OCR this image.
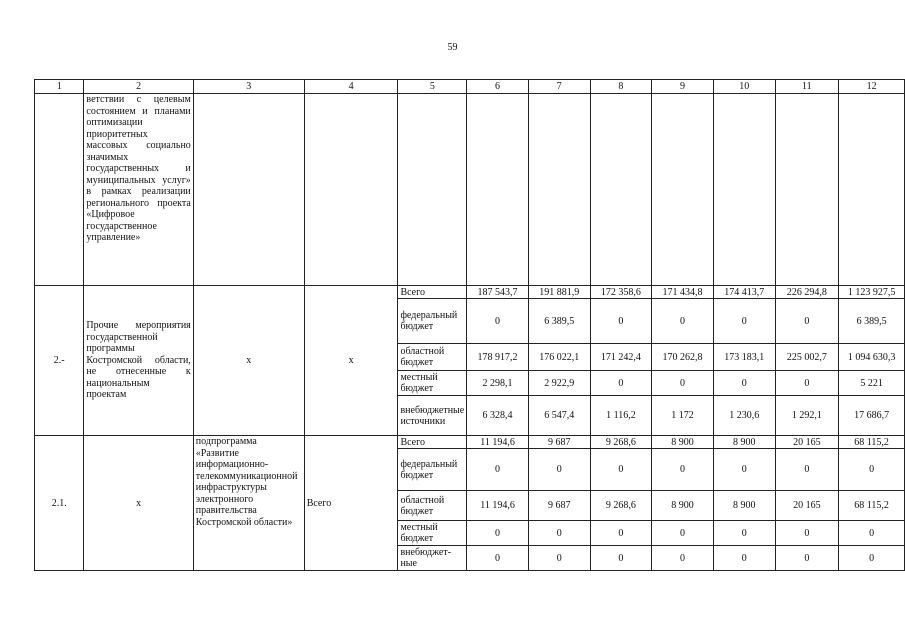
59
1	2	3	4	5	6	7	8	9	10	11	12
	ветствии с целевым состоянием и планами оптимизации приоритетных массовых социально значимых государственных и муниципальных услуг» в рамках реализации регионального проекта «Цифровое государственное управление»										
2.-	Прочие мероприятия государственной программы Костромской области, не отнесенные к национальным проектам	х	х	Всего	187 543,7	191 881,9	172 358,6	171 434,8	174 413,7	226 294,8	1 123 927,5
				федеральный бюджет	0	6 389,5	0	0	0	0	6 389,5
				областной бюджет	178 917,2	176 022,1	171 242,4	170 262,8	173 183,1	225 002,7	1 094 630,3
				местный бюджет	2 298,1	2 922,9	0	0	0	0	5 221
				внебюджетные источники	6 328,4	6 547,4	1 116,2	1 172	1 230,6	1 292,1	17 686,7
2.1.	х	подпрограмма «Развитие информационно-телекоммуникационной инфраструктуры электронного правительства Костромской области»	Всего	Всего	11 194,6	9 687	9 268,6	8 900	8 900	20 165	68 115,2
				федеральный бюджет	0	0	0	0	0	0	0
				областной бюджет	11 194,6	9 687	9 268,6	8 900	8 900	20 165	68 115,2
				местный бюджет	0	0	0	0	0	0	0
				внебюджет-ные	0	0	0	0	0	0	0
